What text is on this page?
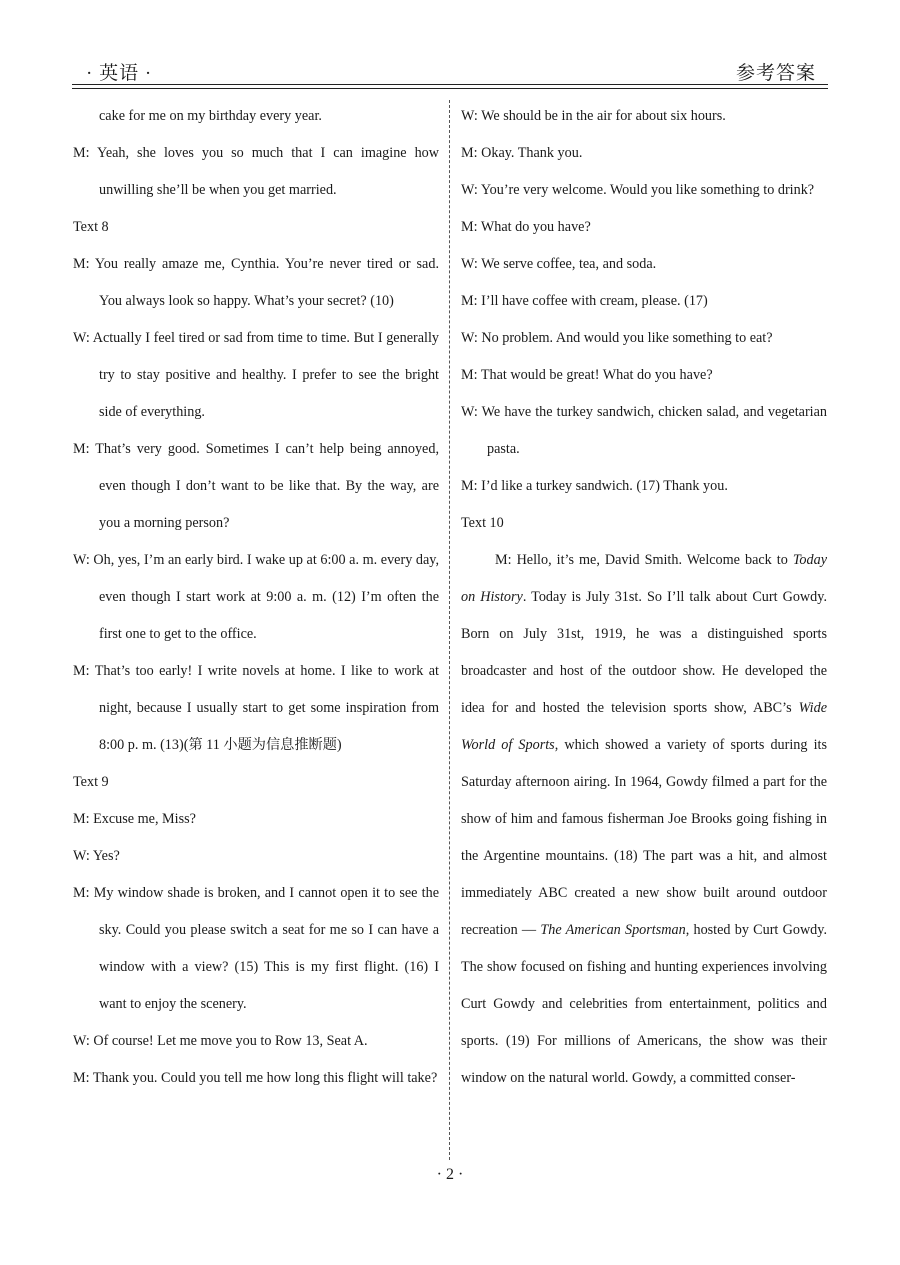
· 英语 ·	参考答案
cake for me on my birthday every year.
M: Yeah, she loves you so much that I can imagine how unwilling she’ll be when you get married.
Text 8
M: You really amaze me, Cynthia. You’re never tired or sad. You always look so happy. What’s your secret? (10)
W: Actually I feel tired or sad from time to time. But I generally try to stay positive and healthy. I prefer to see the bright side of everything.
M: That’s very good. Sometimes I can’t help being annoyed, even though I don’t want to be like that. By the way, are you a morning person?
W: Oh, yes, I’m an early bird. I wake up at 6:00 a. m. every day, even though I start work at 9:00 a. m. (12) I’m often the first one to get to the office.
M: That’s too early! I write novels at home. I like to work at night, because I usually start to get some inspiration from 8:00 p. m. (13)(第 11 小题为信息推断题)
Text 9
M: Excuse me, Miss?
W: Yes?
M: My window shade is broken, and I cannot open it to see the sky. Could you please switch a seat for me so I can have a window with a view? (15) This is my first flight. (16) I want to enjoy the scenery.
W: Of course! Let me move you to Row 13, Seat A.
M: Thank you. Could you tell me how long this flight will take?
W: We should be in the air for about six hours.
M: Okay. Thank you.
W: You’re very welcome. Would you like something to drink?
M: What do you have?
W: We serve coffee, tea, and soda.
M: I’ll have coffee with cream, please. (17)
W: No problem. And would you like something to eat?
M: That would be great! What do you have?
W: We have the turkey sandwich, chicken salad, and vegetarian pasta.
M: I’d like a turkey sandwich. (17) Thank you.
Text 10
M: Hello, it’s me, David Smith. Welcome back to Today on History. Today is July 31st. So I’ll talk about Curt Gowdy. Born on July 31st, 1919, he was a distinguished sports broadcaster and host of the outdoor show. He developed the idea for and hosted the television sports show, ABC’s Wide World of Sports, which showed a variety of sports during its Saturday afternoon airing. In 1964, Gowdy filmed a part for the show of him and famous fisherman Joe Brooks going fishing in the Argentine mountains. (18) The part was a hit, and almost immediately ABC created a new show built around outdoor recreation — The American Sportsman, hosted by Curt Gowdy. The show focused on fishing and hunting experiences involving Curt Gowdy and celebrities from entertainment, politics and sports. (19) For millions of Americans, the show was their window on the natural world. Gowdy, a committed conser-
· 2 ·
